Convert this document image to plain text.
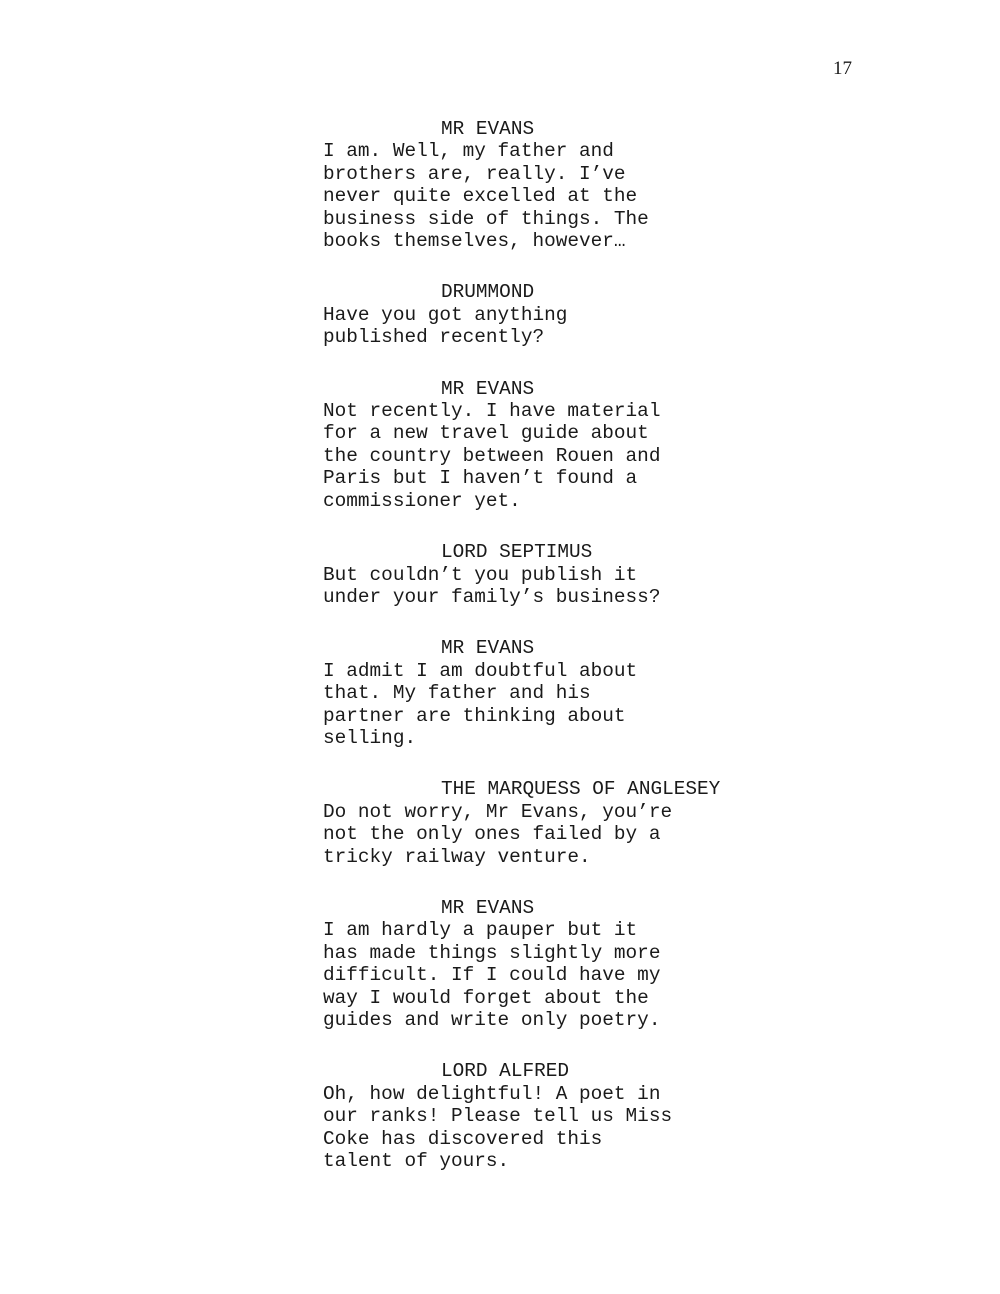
17
MR EVANS
I am. Well, my father and
brothers are, really. I’ve
never quite excelled at the
business side of things. The
books themselves, however…
DRUMMOND
Have you got anything
published recently?
MR EVANS
Not recently. I have material
for a new travel guide about
the country between Rouen and
Paris but I haven’t found a
commissioner yet.
LORD SEPTIMUS
But couldn’t you publish it
under your family’s business?
MR EVANS
I admit I am doubtful about
that. My father and his
partner are thinking about
selling.
THE MARQUESS OF ANGLESEY
Do not worry, Mr Evans, you’re
not the only ones failed by a
tricky railway venture.
MR EVANS
I am hardly a pauper but it
has made things slightly more
difficult. If I could have my
way I would forget about the
guides and write only poetry.
LORD ALFRED
Oh, how delightful! A poet in
our ranks! Please tell us Miss
Coke has discovered this
talent of yours.
